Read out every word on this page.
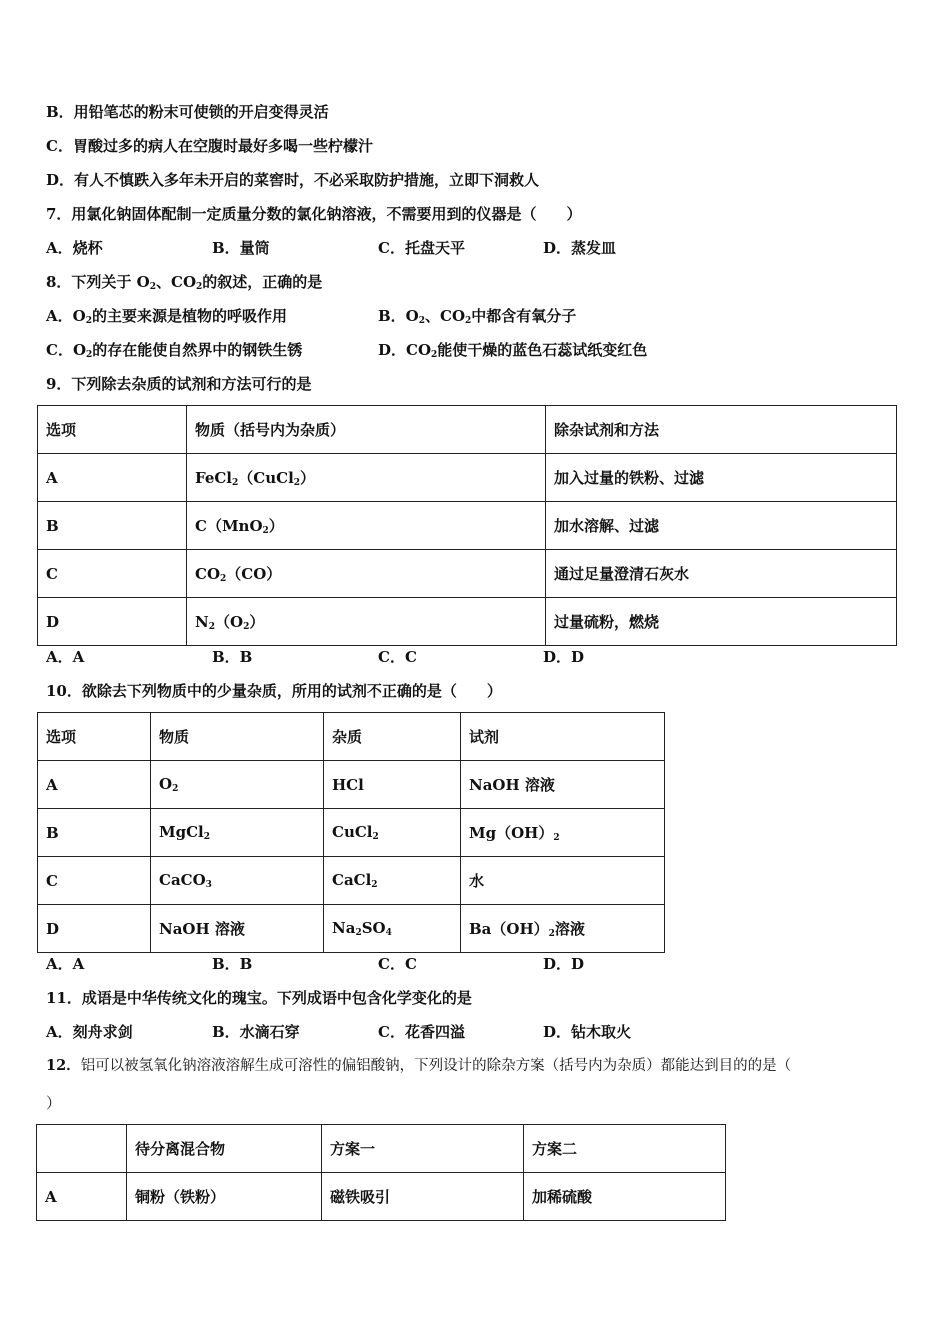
B．用铅笔芯的粉末可使锁的开启变得灵活
C．胃酸过多的病人在空腹时最好多喝一些柠檬汁
D．有人不慎跌入多年未开启的菜窖时，不必采取防护措施，立即下洞救人
7．用氯化钠固体配制一定质量分数的氯化钠溶液，不需要用到的仪器是（　　）
A．烧杯	B．量筒	C．托盘天平	D．蒸发皿
8．下列关于 $O_2$、$CO_2$的叙述，正确的是
A．$O_2$的主要来源是植物的呼吸作用	B．$O_2$、$CO_2$中都含有氧分子
C．$O_2$的存在能使自然界中的钢铁生锈	D．$CO_2$能使干燥的蓝色石蕊试纸变红色
9．下列除去杂质的试剂和方法可行的是
选项	物质（括号内为杂质）	除杂试剂和方法
A	FeCl$_2$（CuCl$_2$）	加入过量的铁粉、过滤
B	C（MnO$_2$）	加水溶解、过滤
C	$CO_2(CO)$	通过足量澄清石灰水
D	$N_2(O_2)$	过量硫粉，燃烧
A．A	B．B	C．C	D．D
10．欲除去下列物质中的少量杂质，所用的试剂不正确的是（　　）
选项	物质	杂质	试剂
A	$O_2$	HCl	NaOH 溶液
B	MgCl$_2$	CuCl$_2$	$Mg(OH)_2$
C	CaCO$_3$	CaCl$_2$	水
D	NaOH 溶液	$Na_2SO_4$	$Ba(OH)_2$溶液
A．A	B．B	C．C	D．D
11．成语是中华传统文化的瑰宝。下列成语中包含化学变化的是
A．刻舟求剑	B．水滴石穿	C．花香四溢	D．钻木取火
12．铝可以被氢氧化钠溶液溶解生成可溶性的偏铝酸钠，下列设计的除杂方案（括号内为杂质）都能达到目的的是（
）
	待分离混合物	方案一	方案二
A	铜粉（铁粉）	磁铁吸引	加稀硫酸
